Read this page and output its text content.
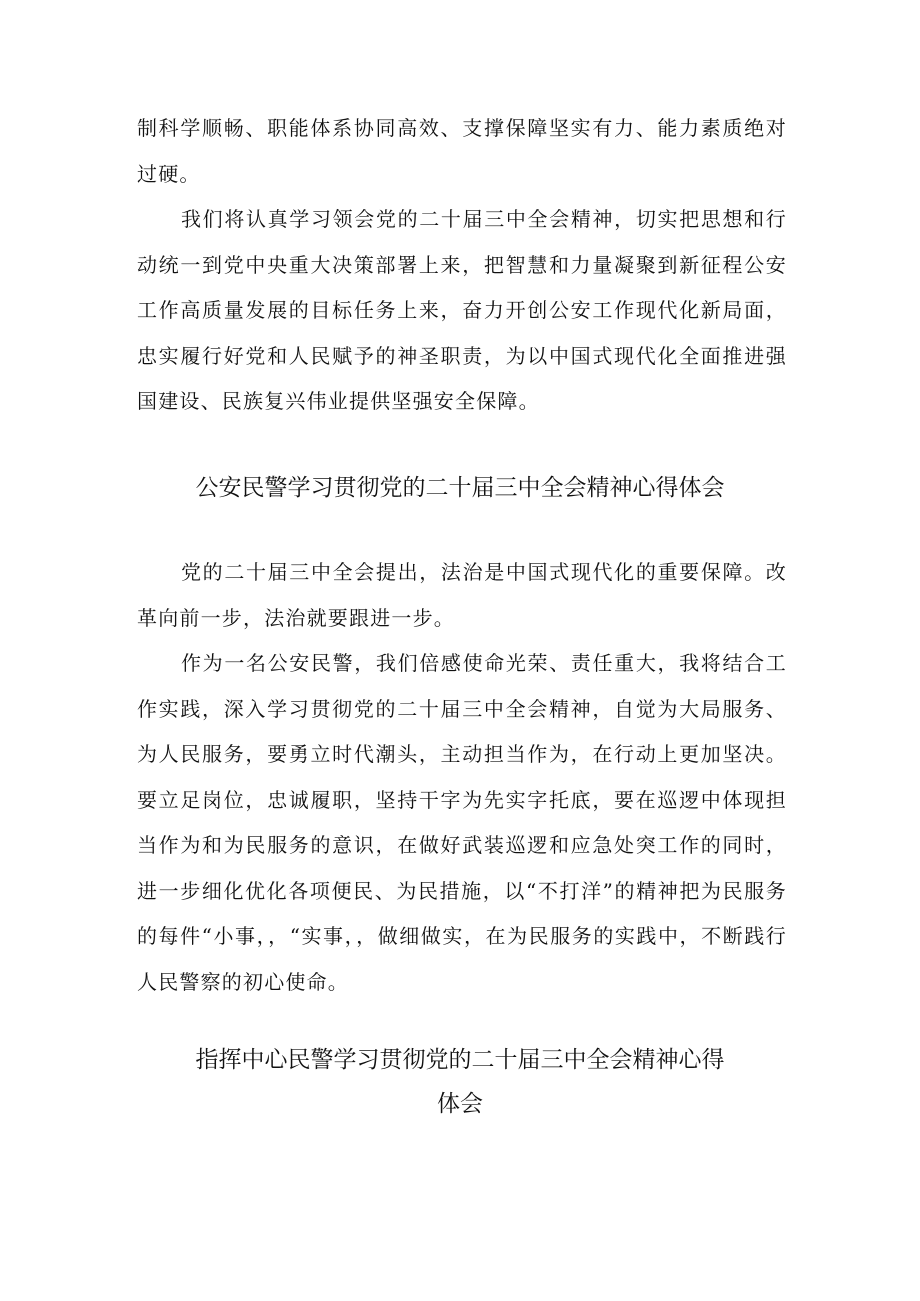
制科学顺畅、职能体系协同高效、支撑保障坚实有力、能力素质绝对过硬。

我们将认真学习领会党的二十届三中全会精神，切实把思想和行动统一到党中央重大决策部署上来，把智慧和力量凝聚到新征程公安工作高质量发展的目标任务上来，奋力开创公安工作现代化新局面，忠实履行好党和人民赋予的神圣职责，为以中国式现代化全面推进强国建设、民族复兴伟业提供坚强安全保障。

公安民警学习贯彻党的二十届三中全会精神心得体会

党的二十届三中全会提出，法治是中国式现代化的重要保障。改革向前一步，法治就要跟进一步。

作为一名公安民警，我们倍感使命光荣、责任重大，我将结合工作实践，深入学习贯彻党的二十届三中全会精神，自觉为大局服务、为人民服务，要勇立时代潮头，主动担当作为，在行动上更加坚决。要立足岗位，忠诚履职，坚持干字为先实字托底，要在巡逻中体现担当作为和为民服务的意识，在做好武装巡逻和应急处突工作的同时，进一步细化优化各项便民、为民措施，以“不打洋”的精神把为民服务的每件“小事，，“实事，，做细做实，在为民服务的实践中，不断践行人民警察的初心使命。

指挥中心民警学习贯彻党的二十届三中全会精神心得
体会
